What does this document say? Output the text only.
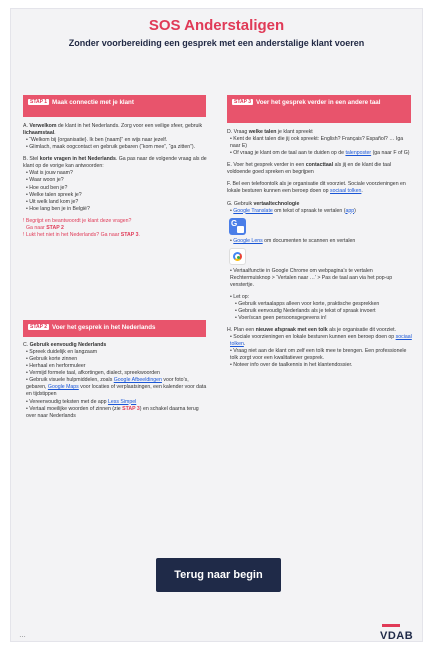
SOS Anderstaligen
Zonder voorbereiding een gesprek met een anderstalige klant voeren
STAP 1 Maak connectie met je klant

A. Verwelkom de klant in het Nederlands. Zorg voor een veilige sfeer, gebruik lichaamstaal.

• “Welkom bij {organisatie}. Ik ben {naam}” en wijs naar jezelf.

• Glimlach, maak oogcontact en gebruik gebaren (“kom mee”, “ga zitten”).

B. Stel korte vragen in het Nederlands. Ga pas naar de volgende vraag als de klant op de vorige kan antwoorden:

• Wat is jouw naam?

• Waar woon je?

• Hoe oud ben je?

• Welke talen spreek je?

• Uit welk land kom je?

• Hoe lang ben je in België?

! Begrijpt en beantwoordt je klant deze vragen?

Ga naar STAP 2

! Lukt het niet in het Nederlands? Ga naar STAP 3.

STAP 2 Voer het gesprek in het Nederlands

C. Gebruik eenvoudig Nederlands

• Spreek duidelijk en langzaam

• Gebruik korte zinnen

• Herhaal en herformuleer

• Vermijd formele taal, afkortingen, dialect, spreekwoorden

• Gebruik visuele hulpmiddelen, zoals Google Afbeeldingen voor foto’s, gebaren, Google Maps voor locaties of verplaatsingen, een kalender voor data en tijdstippen

• Vereenvoudig teksten met de app Less Simpel

• Vertaal moeilijke woorden of zinnen (zie STAP 3) en schakel daarna terug over naar Nederlands

STAP 3 Voer het gesprek verder in een andere taal

D. Vraag welke talen je klant spreekt

• Kent de klant talen die jij ook spreekt: English? Français? Español? … Iga naar E)

• Of vraag je klant om de taal aan te duiden op de talenposter (ga naar F of G)

E. Voer het gesprek verder in een contacttaal als jij en de klant die taal voldoende goed spreken en begrijpen

F. Bel een telefoontolk als je organisatie dit voorziet. Sociale voorzieningen en lokale besturen kunnen een beroep doen op sociaal tolken.

G. Gebruik vertaaltechnologie

• Google Translate om tekst of spraak te vertalen (app)

G

• Google Lens om documenten te scannen en vertalen

• Vertaalfunctie in Google Chrome om webpagina’s te vertalen Rechtermuisknop > ‘Vertalen naar …’ > Pas de taal aan via het pop-up venstertje.

• Let op:

• Gebruik vertaalapps alleen voor korte, praktische gesprekken

• Gebruik eenvoudig Nederlands als je tekst of spraak invoert

• Voer/scan geen persoonsgegevens in!

H. Plan een nieuwe afspraak met een tolk als je organisatie dit voorziet.

• Sociale voorzieningen en lokale besturen kunnen een beroep doen op sociaal tolken.

• Vraag niet aan de klant om zelf een tolk mee te brengen. Een professionele tolk zorgt voor een kwalitatiever gesprek.

• Noteer info over de taalkennis in het klantendossier.

Terug naar begin
VDAB
…
